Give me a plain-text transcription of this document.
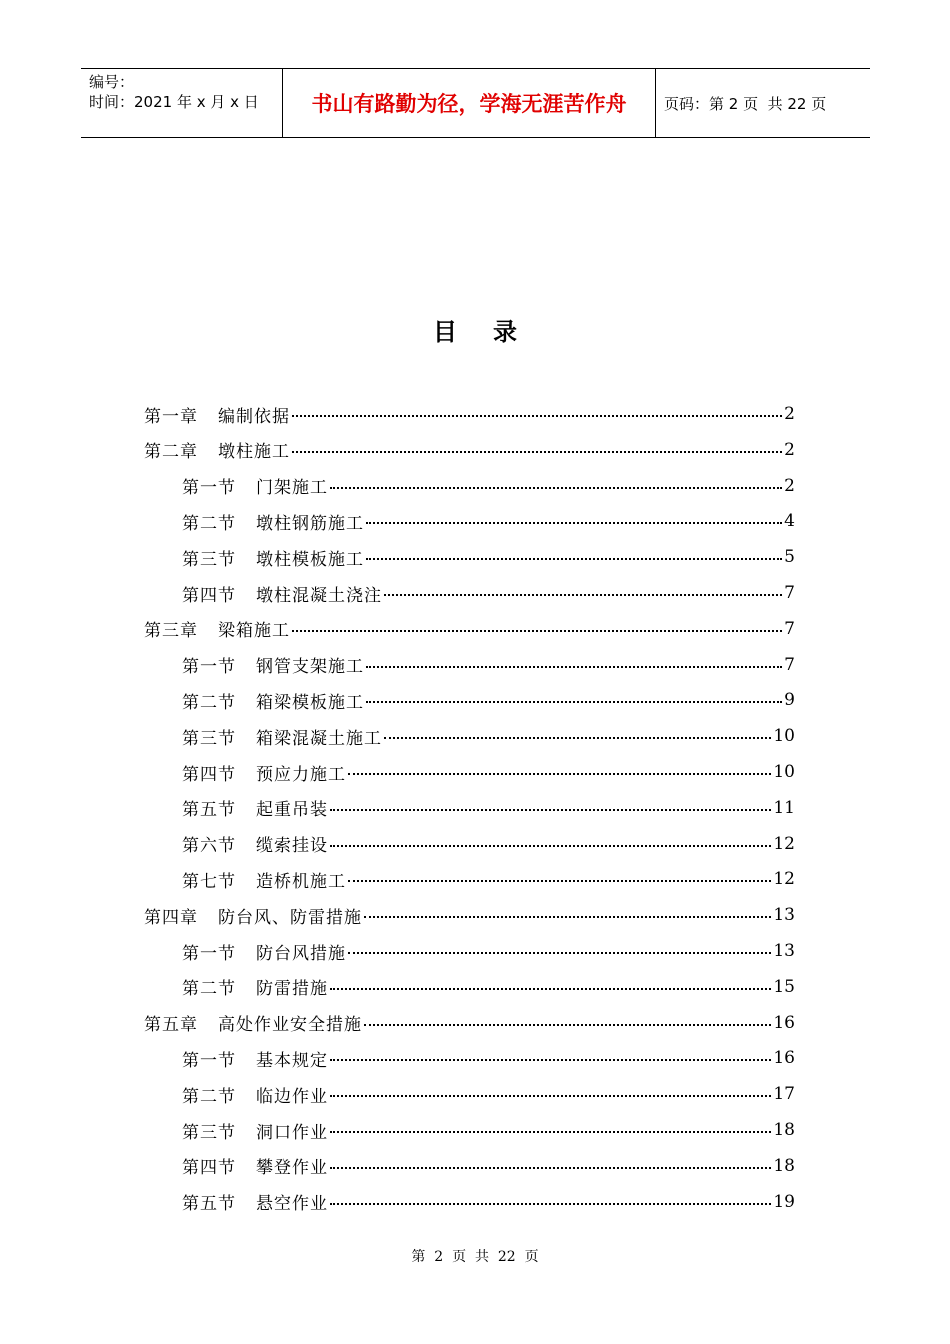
编号：
时间：2021 年 x 月 x 日	书山有路勤为径，学海无涯苦作舟	页码：第 2 页  共 22 页
目录
第一章 编制依据	2
第二章 墩柱施工	2
第一节 门架施工	2
第二节 墩柱钢筋施工	4
第三节 墩柱模板施工	5
第四节 墩柱混凝土浇注	7
第三章 梁箱施工	7
第一节 钢管支架施工	7
第二节 箱梁模板施工	9
第三节 箱梁混凝土施工	10
第四节 预应力施工	10
第五节 起重吊装	11
第六节 缆索挂设	12
第七节 造桥机施工	12
第四章 防台风、防雷措施	13
第一节 防台风措施	13
第二节 防雷措施	15
第五章 高处作业安全措施	16
第一节 基本规定	16
第二节 临边作业	17
第三节 洞口作业	18
第四节 攀登作业	18
第五节 悬空作业	19
第  2  页  共  22  页
